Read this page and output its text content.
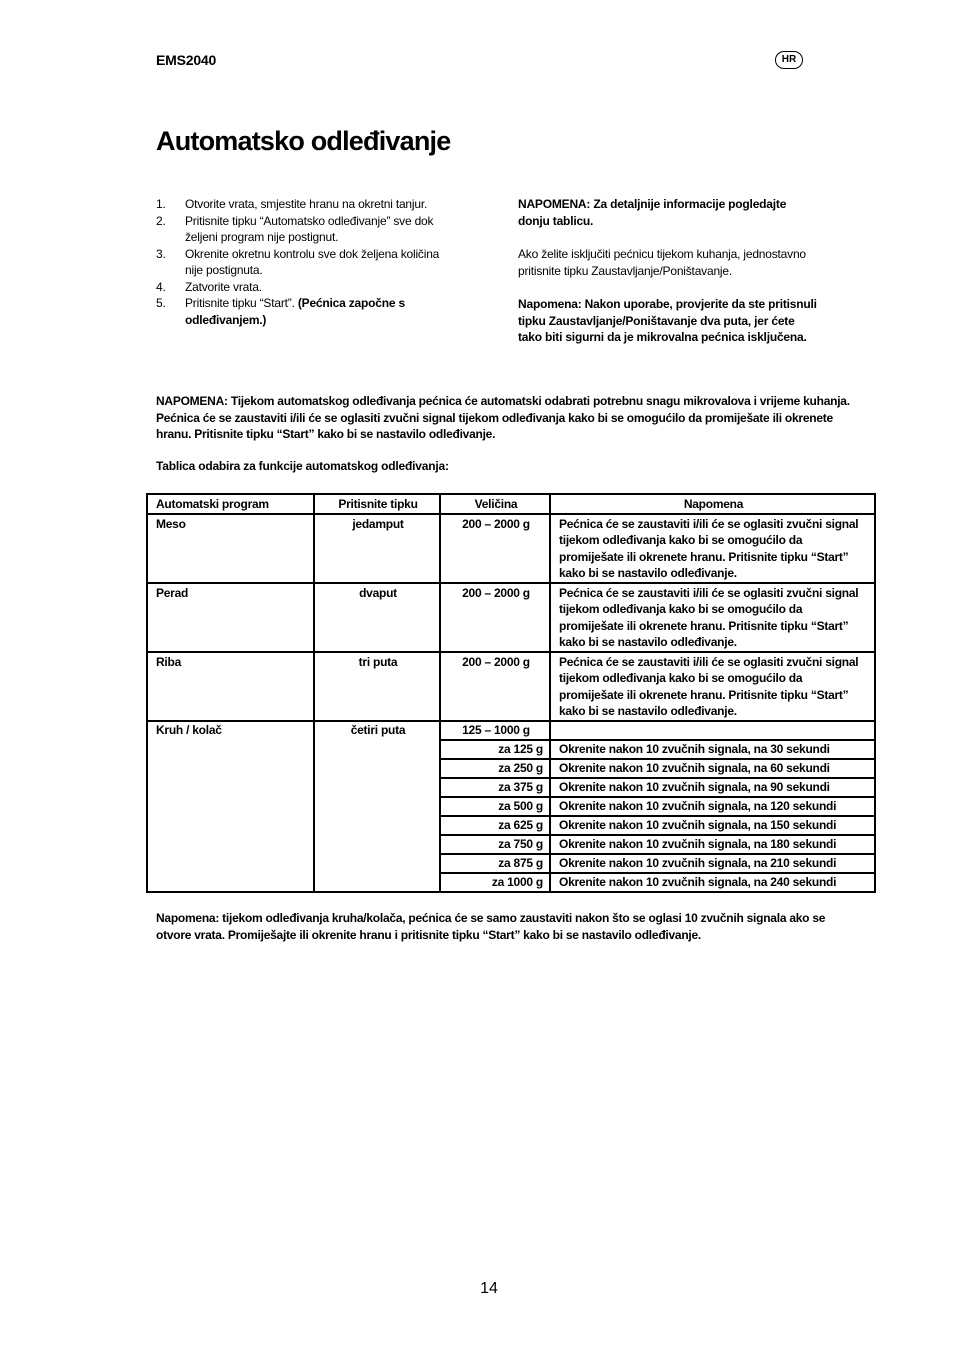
EMS2040	HR
Automatsko odleđivanje
1. Otvorite vrata, smjestite hranu na okretni tanjur.
2. Pritisnite tipku “Automatsko odleđivanje” sve dok željeni program nije postignut.
3. Okrenite okretnu kontrolu sve dok željena količina nije postignuta.
4. Zatvorite vrata.
5. Pritisnite tipku “Start”. (Pećnica započne s odleđivanjem.)

NAPOMENA: Za detaljnije informacije pogledajte donju tablicu.

Ako želite isključiti pećnicu tijekom kuhanja, jednostavno pritisnite tipku Zaustavljanje/Poništavanje.

Napomena: Nakon uporabe, provjerite da ste pritisnuli tipku Zaustavljanje/Poništavanje dva puta, jer ćete tako biti sigurni da je mikrovalna pećnica isključena.

NAPOMENA: Tijekom automatskog odleđivanja pećnica će automatski odabrati potrebnu snagu mikrovalova i vrijeme kuhanja. Pećnica će se zaustaviti i/ili će se oglasiti zvučni signal tijekom odleđivanja kako bi se omogućilo da promiješate ili okrenete hranu. Pritisnite tipku “Start” kako bi se nastavilo odleđivanje.

Tablica odabira za funkcije automatskog odleđivanja:

Automatski program	Pritisnite tipku	Veličina	Napomena
Meso	jedamput	200 – 2000 g	Pećnica će se zaustaviti i/ili će se oglasiti zvučni signal tijekom odleđivanja kako bi se omogućilo da promiješate ili okrenete hranu. Pritisnite tipku “Start” kako bi se nastavilo odleđivanje.
Perad	dvaput	200 – 2000 g	Pećnica će se zaustaviti i/ili će se oglasiti zvučni signal tijekom odleđivanja kako bi se omogućilo da promiješate ili okrenete hranu. Pritisnite tipku “Start” kako bi se nastavilo odleđivanje.
Riba	tri puta	200 – 2000 g	Pećnica će se zaustaviti i/ili će se oglasiti zvučni signal tijekom odleđivanja kako bi se omogućilo da promiješate ili okrenete hranu. Pritisnite tipku “Start” kako bi se nastavilo odleđivanje.
Kruh / kolač	četiri puta	125 – 1000 g	
		za 125 g	Okrenite nakon 10 zvučnih signala, na 30 sekundi
		za 250 g	Okrenite nakon 10 zvučnih signala, na 60 sekundi
		za 375 g	Okrenite nakon 10 zvučnih signala, na 90 sekundi
		za 500 g	Okrenite nakon 10 zvučnih signala, na 120 sekundi
		za 625 g	Okrenite nakon 10 zvučnih signala, na 150 sekundi
		za 750 g	Okrenite nakon 10 zvučnih signala, na 180 sekundi
		za 875 g	Okrenite nakon 10 zvučnih signala, na 210 sekundi
		za 1000 g	Okrenite nakon 10 zvučnih signala, na 240 sekundi

Napomena: tijekom odleđivanja kruha/kolača, pećnica će se samo zaustaviti nakon što se oglasi 10 zvučnih signala ako se otvore vrata. Promiješajte ili okrenite hranu i pritisnite tipku “Start” kako bi se nastavilo odleđivanje.

14
